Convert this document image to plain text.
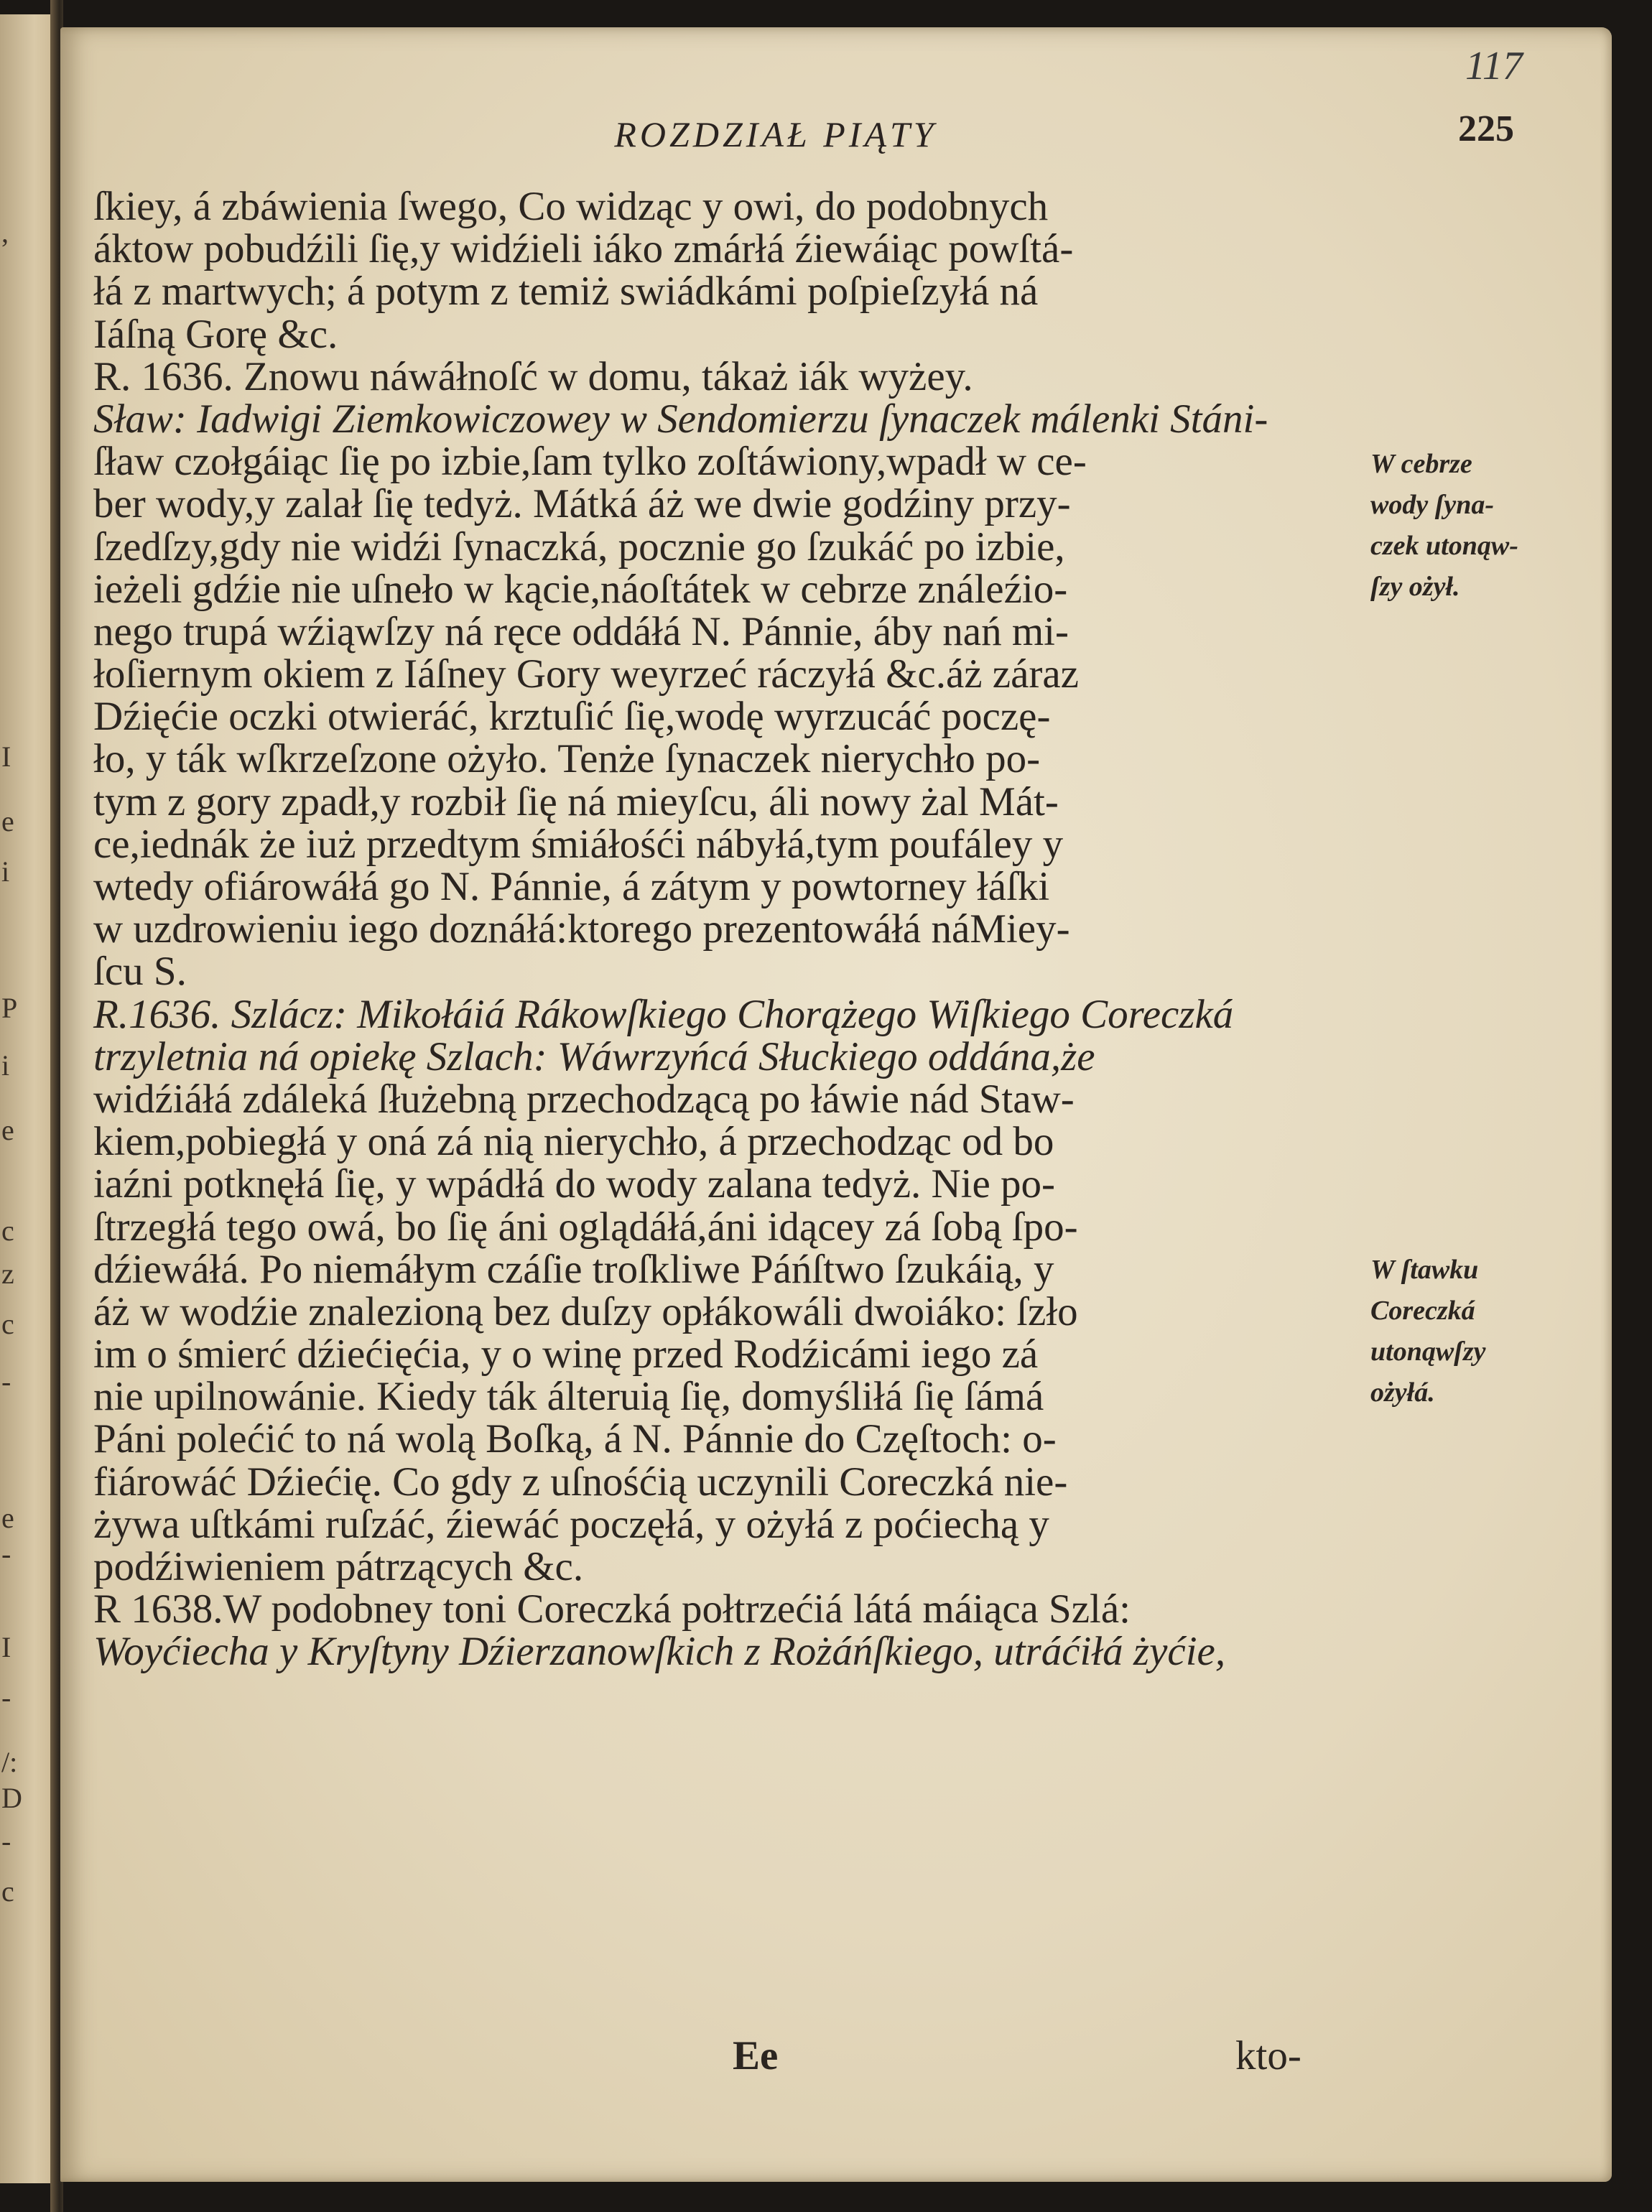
,
I
e
i
P
i
e
c
z
c
-
e
-
I
-
/:
D
-
c
117
225
ROZDZIAŁ PIĄTY
ſkiey, á zbáwienia ſwego, Co widząc y owi, do podobnych
áktow pobudźili ſię,y widźieli iáko zmárłá źiewáiąc powſtá-
łá z martwych; á potym z temiż swiádkámi poſpieſzyłá ná
Iáſną Gorę &c.
R. 1636. Znowu náwáłnoſć w domu, tákaż iák wyżey.
Sław: Iadwigi Ziemkowiczowey w Sendomierzu ſynaczek málenki Stáni-
ſław czołgáiąc ſię po izbie,ſam tylko zoſtáwiony,wpadł w ce-
ber wody,y zalał ſię tedyż. Mátká áż we dwie godźiny przy-
ſzedſzy,gdy nie widźi ſynaczká, pocznie go ſzukáć po izbie,
ieżeli gdźie nie uſneło w kącie,náoſtátek w cebrze ználeźio-
nego trupá wźiąwſzy ná ręce oddáłá N. Pánnie, áby nań mi-
łoſiernym okiem z Iáſney Gory weyrzeć ráczyłá &c.áż záraz
Dźięćie oczki otwieráć, krztuſić ſię,wodę wyrzucáć poczę-
ło, y ták wſkrzeſzone ożyło. Tenże ſynaczek nierychło po-
tym z gory zpadł,y rozbił ſię ná mieyſcu, áli nowy żal Mát-
ce,iednák że iuż przedtym śmiáłośći nábyłá,tym poufáley y
wtedy ofiárowáłá go N. Pánnie, á zátym y powtorney łáſki
w uzdrowieniu iego doznáłá:ktorego prezentowáłá náMiey-
ſcu S.
R.1636. Szlácz: Mikołáiá Rákowſkiego Chorążego Wiſkiego Coreczká
trzyletnia ná opiekę Szlach: Wáwrzyńcá Słuckiego oddána,że
widźiáłá zdáleká ſłużebną przechodzącą po łáwie nád Staw-
kiem,pobiegłá y oná zá nią nierychło, á przechodząc od bo
iaźni potknęłá ſię, y wpádłá do wody zalana tedyż. Nie po-
ſtrzegłá tego owá, bo ſię áni oglądáłá,áni idącey zá ſobą ſpo-
dźiewáłá. Po niemáłym czáſie troſkliwe Páńſtwo ſzukáią, y
áż w wodźie znalezioną bez duſzy opłákowáli dwoiáko: ſzło
im o śmierć dźiećięćia, y o winę przed Rodźicámi iego zá
nie upilnowánie. Kiedy ták álteruią ſię, domyśliłá ſię ſámá
Páni polećić to ná wolą Boſką, á N. Pánnie do Częſtoch: o-
fiárowáć Dźiećię. Co gdy z uſnośćią uczynili Coreczká nie-
żywa uſtkámi ruſzáć, źiewáć poczęłá, y ożyłá z poćiechą y
podźiwieniem pátrzących &c.
R 1638.W podobney toni Coreczká połtrzećiá látá máiąca Szlá:
Woyćiecha y Kryſtyny Dźierzanowſkich z Rożáńſkiego, utráćiłá żyćie,
W cebrze
wody ſyna-
czek utonąw-
ſzy ożył.
W ſtawku
Coreczká
utonąwſzy
ożyłá.
Ee	kto-
